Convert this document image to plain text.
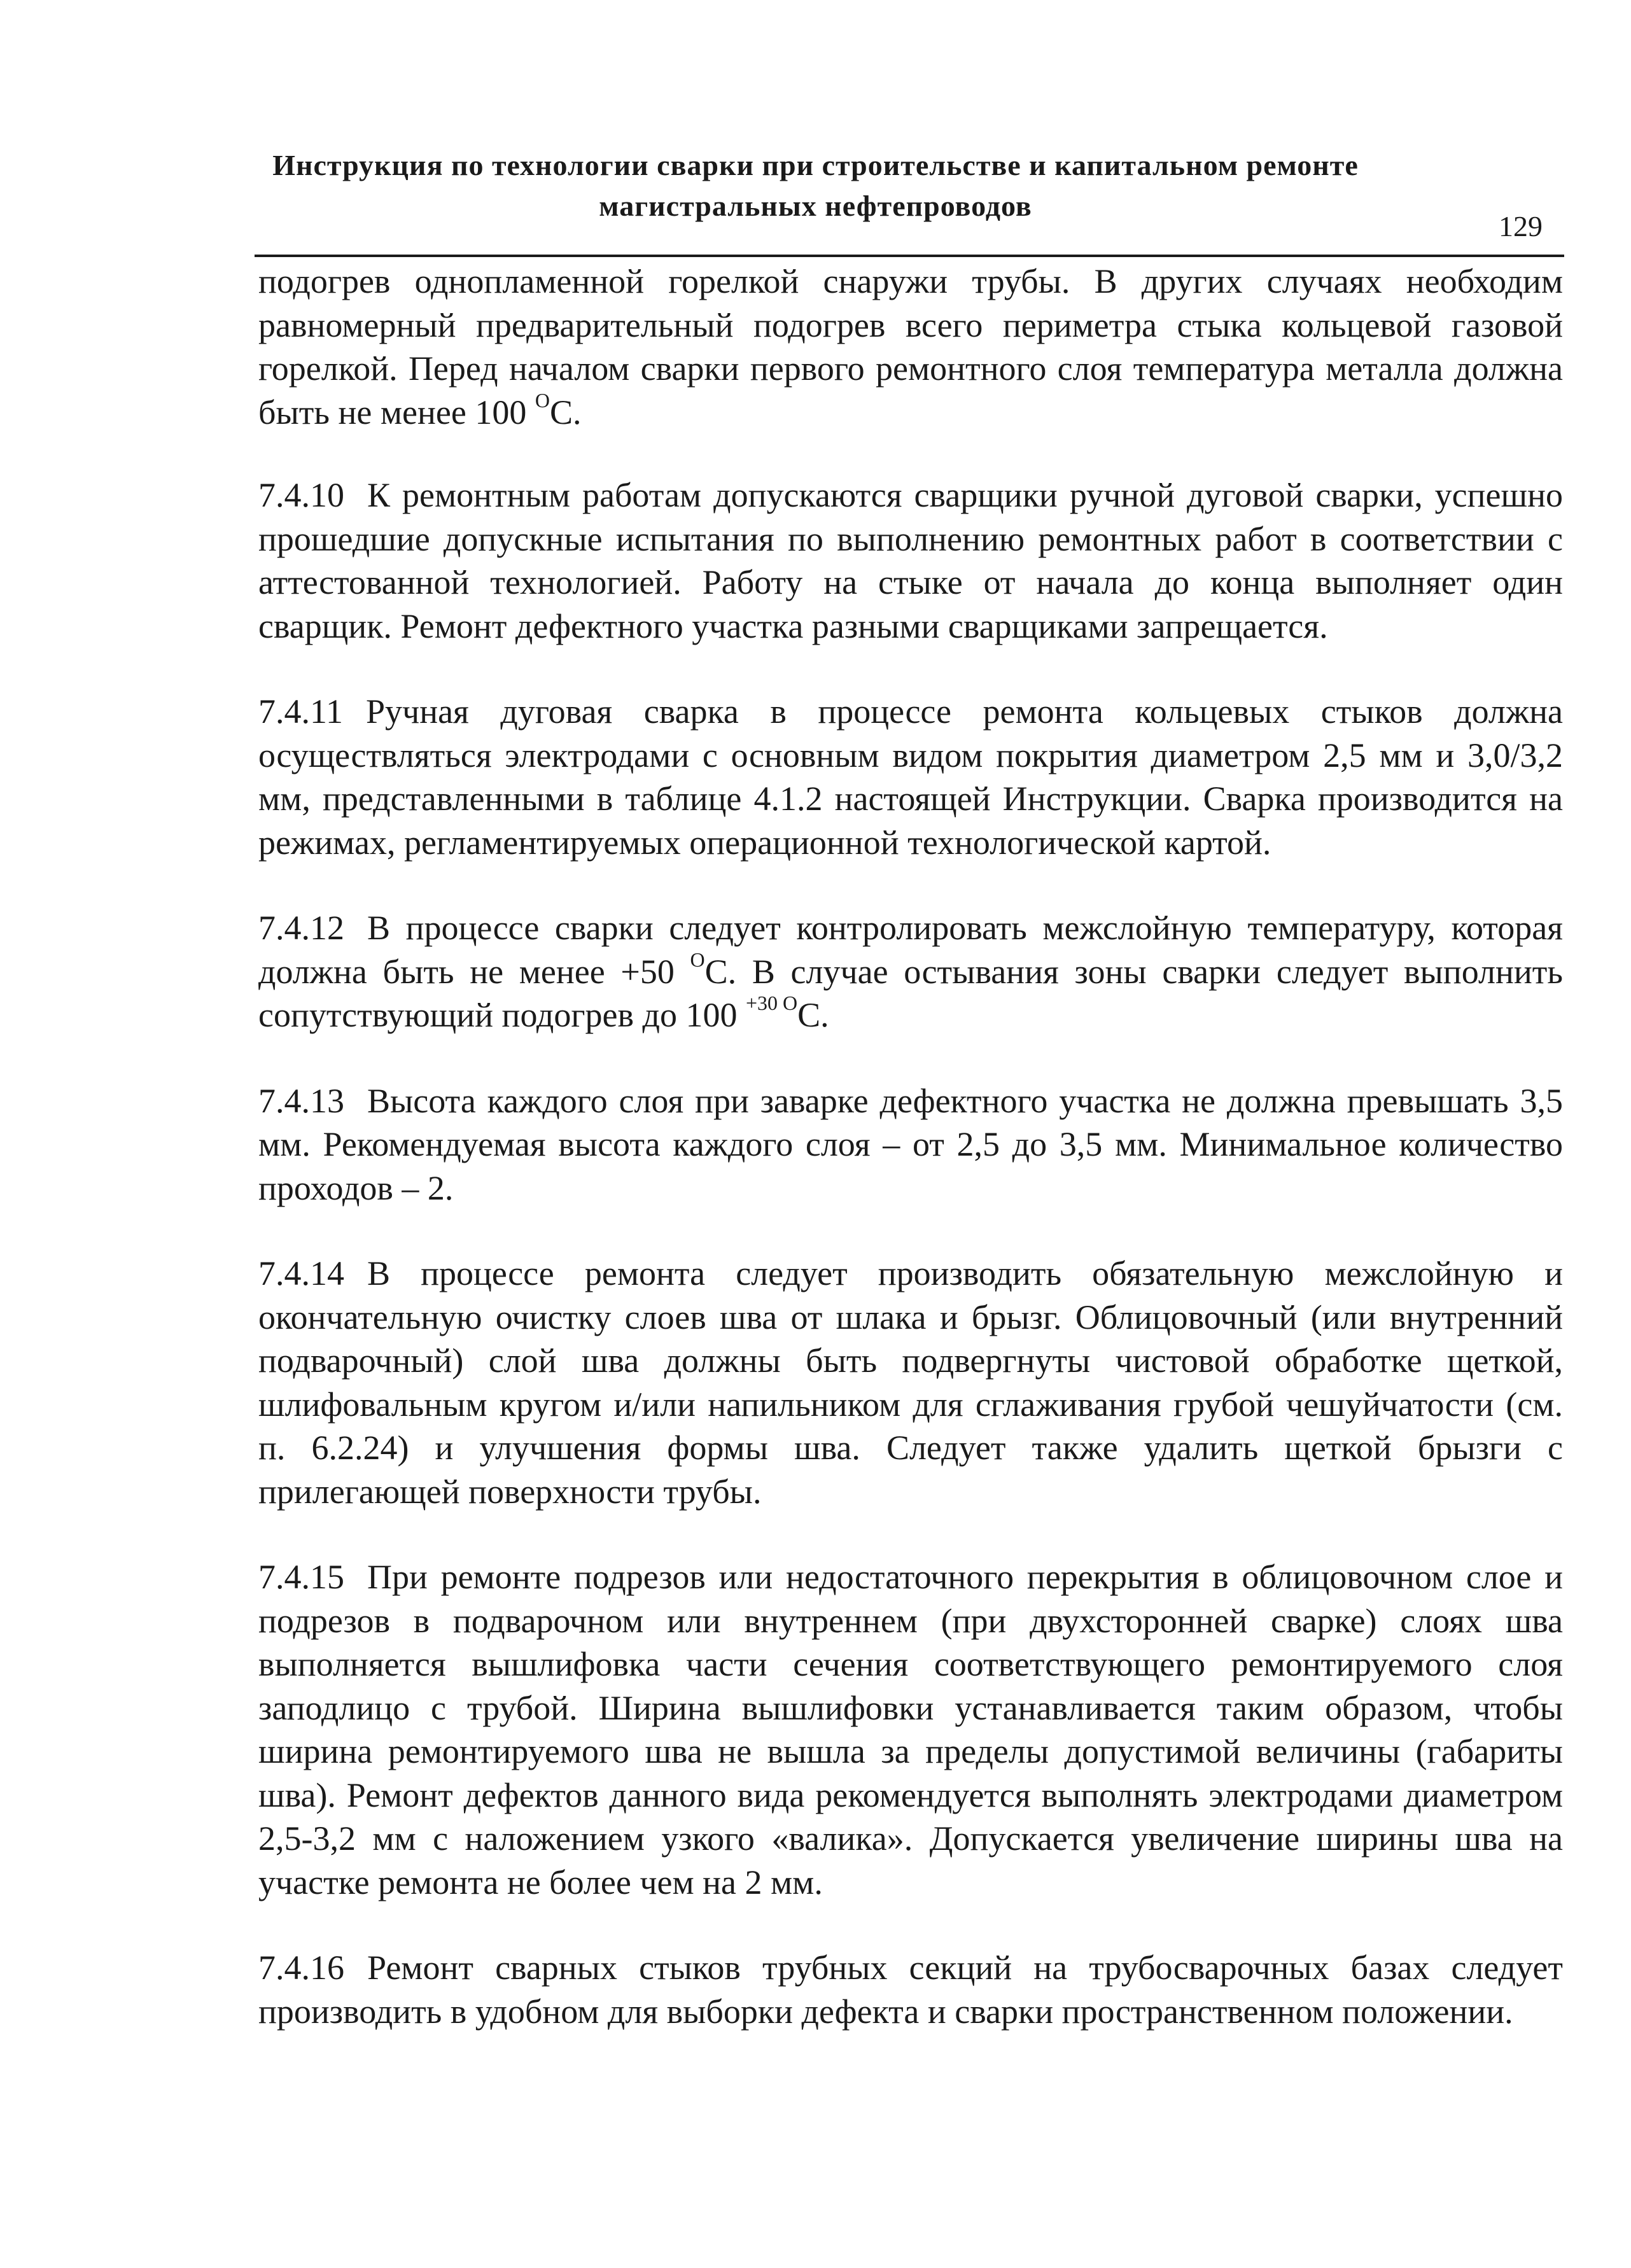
Инструкция по технологии сварки при строительстве и капитальном ремонте
магистральных нефтепроводов
129

подогрев однопламенной горелкой снаружи трубы. В других случаях необходим равномерный предварительный подогрев всего периметра стыка кольцевой газовой горелкой. Перед началом сварки первого ремонтного слоя температура металла должна быть не менее 100 $^О$С.

7.4.10 К ремонтным работам допускаются сварщики ручной дуговой сварки, успешно прошедшие допускные испытания по выполнению ремонтных работ в соответствии с аттестованной технологией. Работу на стыке от начала до конца выполняет один сварщик. Ремонт дефектного участка разными сварщиками запрещается.

7.4.11 Ручная дуговая сварка в процессе ремонта кольцевых стыков должна осуществляться электродами с основным видом покрытия диаметром 2,5 мм и 3,0/3,2 мм, представленными в таблице 4.1.2 настоящей Инструкции. Сварка производится на режимах, регламентируемых операционной технологической картой.

7.4.12 В процессе сварки следует контролировать межслойную температуру, которая должна быть не менее +50 $^О$С. В случае остывания зоны сварки следует выполнить сопутствующий подогрев до 100 $^{+30 О}$С.

7.4.13 Высота каждого слоя при заварке дефектного участка не должна превышать 3,5 мм. Рекомендуемая высота каждого слоя – от 2,5 до 3,5 мм. Минимальное количество проходов – 2.

7.4.14 В процессе ремонта следует производить обязательную межслойную и окончательную очистку слоев шва от шлака и брызг. Облицовочный (или внутренний подварочный) слой шва должны быть подвергнуты чистовой обработке щеткой, шлифовальным кругом и/или напильником для сглаживания грубой чешуйчатости (см. п. 6.2.24) и улучшения формы шва. Следует также удалить щеткой брызги с прилегающей поверхности трубы.

7.4.15 При ремонте подрезов или недостаточного перекрытия в облицовочном слое и подрезов в подварочном или внутреннем (при двухсторонней сварке) слоях шва выполняется вышлифовка части сечения соответствующего ремонтируемого слоя заподлицо с трубой. Ширина вышлифовки устанавливается таким образом, чтобы ширина ремонтируемого шва не вышла за пределы допустимой величины (габариты шва). Ремонт дефектов данного вида рекомендуется выполнять электродами диаметром 2,5-3,2 мм с наложением узкого «валика». Допускается увеличение ширины шва на участке ремонта не более чем на 2 мм.

7.4.16 Ремонт сварных стыков трубных секций на трубосварочных базах следует производить в удобном для выборки дефекта и сварки пространственном положении.
